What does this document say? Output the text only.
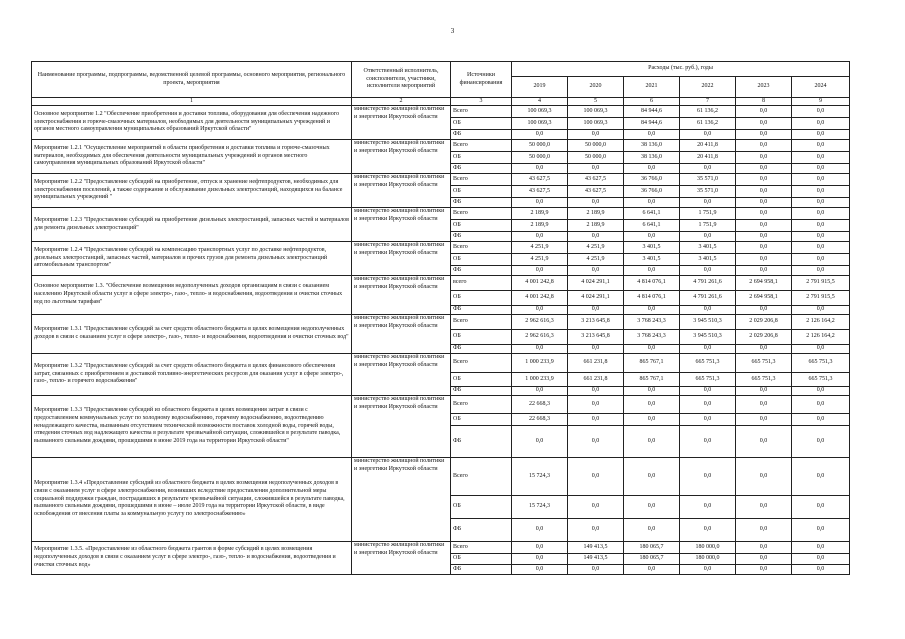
3
Наименование программы, подпрограммы, ведомственной целевой программы, основного мероприятия, регионального проекта, мероприятия	Ответственный исполнитель, соисполнители, участники, исполнители мероприятий	Источники финансирования	Расходы (тыс. руб.), годы					
			2019	2020	2021	2022	2023	2024
1	2	3	4	5	6	7	8	9
Основное мероприятие 1.2 "Обеспечение приобретения и доставки топлива, оборудования для обеспечения надежного электроснабжения и горюче-смазочных материалов, необходимых для деятельности муниципальных учреждений и органов местного самоуправления муниципальных образований Иркутской области"	министерство жилищной политики и энергетики Иркутской области	Всего	100 069,3	100 069,3	84 944,6	61 136,2	0,0	0,0
		ОБ	100 069,3	100 069,3	84 944,6	61 136,2	0,0	0,0
		ФБ	0,0	0,0	0,0	0,0	0,0	0,0
Мероприятие 1.2.1 "Осуществление мероприятий в области приобретения и доставки топлива и горюче-смазочных материалов, необходимых для обеспечения деятельности муниципальных учреждений и органов местного самоуправления муниципальных образований Иркутской области"	министерство жилищной политики и энергетики Иркутской области	Всего	50 000,0	50 000,0	38 136,0	20 411,8	0,0	0,0
		ОБ	50 000,0	50 000,0	38 136,0	20 411,8	0,0	0,0
		ФБ	0,0	0,0	0,0	0,0	0,0	0,0
Мероприятие 1.2.2 "Предоставление субсидий на приобретение, отпуск и хранение нефтепродуктов, необходимых для электроснабжения поселений, а также содержание и обслуживание дизельных электростанций, находящихся на балансе муниципальных учреждений "	министерство жилищной политики и энергетики Иркутской области	Всего	43 627,5	43 627,5	36 766,0	35 571,0	0,0	0,0
		ОБ	43 627,5	43 627,5	36 766,0	35 571,0	0,0	0,0
		ФБ	0,0	0,0	0,0	0,0	0,0	0,0
Мероприятие 1.2.3 "Предоставление субсидий на приобретение дизельных электростанций, запасных частей и материалов для ремонта дизельных электростанций"	министерство жилищной политики и энергетики Иркутской области	Всего	2 189,9	2 189,9	6 641,1	1 751,9	0,0	0,0
		ОБ	2 189,9	2 189,9	6 641,1	1 751,9	0,0	0,0
		ФБ	0,0	0,0	0,0	0,0	0,0	0,0
Мероприятие 1.2.4 "Предоставление субсидий на компенсацию транспортных услуг по доставке нефтепродуктов, дизельных электростанций, запасных частей, материалов и прочих грузов для ремонта дизельных электростанций автомобильным транспортом"	министерство жилищной политики и энергетики Иркутской области	Всего	4 251,9	4 251,9	3 401,5	3 401,5	0,0	0,0
		ОБ	4 251,9	4 251,9	3 401,5	3 401,5	0,0	0,0
		ФБ	0,0	0,0	0,0	0,0	0,0	0,0
Основное мероприятие 1.3. "Обеспечение возмещения недополученных доходов организациям в связи с оказанием населению Иркутской области услуг в сфере электро-, газо-, тепло- и водоснабжения, водоотведения и очистки сточных вод по льготным тарифам"	министерство жилищной политики и энергетики Иркутской области	всего	4 001 242,8	4 024 291,1	4 814 076,1	4 791 261,6	2 694 958,1	2 791 915,5
		ОБ	4 001 242,8	4 024 291,1	4 814 076,1	4 791 261,6	2 694 958,1	2 791 915,5
		ФБ	0,0	0,0	0,0	0,0	0,0	0,0
Мероприятие 1.3.1 "Предоставление субсидий за счет средств областного бюджета в целях возмещения недополученных доходов в связи с оказанием услуг в сфере электро-, газо-, тепло- и водоснабжения, водоотведения и очистки сточных вод"	министерство жилищной политики и энергетики Иркутской области	Всего	2 962 616,3	3 213 645,8	3 768 243,3	3 945 510,3	2 029 206,8	2 126 164,2
		ОБ	2 962 616,3	3 213 645,8	3 768 243,3	3 945 510,3	2 029 206,8	2 126 164,2
		ФБ	0,0	0,0	0,0	0,0	0,0	0,0
Мероприятие 1.3.2 "Предоставление субсидий за счет средств областного бюджета в целях финансового обеспечения затрат, связанных с приобретением и доставкой топливно-энергетических ресурсов для оказания услуг в сфере электро-, газо-, тепло- и горячего водоснабжения"	министерство жилищной политики и энергетики Иркутской области	Всего	1 000 233,9	661 231,8	865 767,1	665 751,3	665 751,3	665 751,3
		ОБ	1 000 233,9	661 231,8	865 767,1	665 751,3	665 751,3	665 751,3
		ФБ	0,0	0,0	0,0	0,0	0,0	0,0
Мероприятие 1.3.3 "Предоставление субсидий из областного бюджета в целях возмещения затрат в связи с предоставлением коммунальных услуг по холодному водоснабжению, горячему водоснабжению, водоотведению ненадлежащего качества, вызванным отсутствием технической возможности поставок холодной воды, горячей воды, отведения сточных вод надлежащего качества в результате чрезвычайной ситуации, сложившейся в результате паводка, вызванного сильными дождями, прошедшими в июне 2019 года на территории Иркутской области"	министерство жилищной политики и энергетики Иркутской области	Всего	22 668,3	0,0	0,0	0,0	0,0	0,0
		ОБ	22 668,3	0,0	0,0	0,0	0,0	0,0
		ФБ	0,0	0,0	0,0	0,0	0,0	0,0
Мероприятие 1.3.4 «Предоставление субсидий из областного бюджета в целях возмещения недополученных доходов в связи с оказанием услуг в сфере электроснабжения, возникших вследствие предоставления дополнительной меры социальной поддержки граждан, пострадавших в результате чрезвычайной ситуации, сложившейся в результате паводка, вызванного сильными дождями, прошедшими в июне – июле 2019 года на территории Иркутской области, в виде освобождения от внесения платы за коммунальную услугу по электроснабжению»	министерство жилищной политики и энергетики Иркутской области	Всего	15 724,3	0,0	0,0	0,0	0,0	0,0
		ОБ	15 724,3	0,0	0,0	0,0	0,0	0,0
		ФБ	0,0	0,0	0,0	0,0	0,0	0,0
Мероприятие 1.3.5. «Предоставление из областного бюджета грантов в форме субсидий в целях возмещения недополученных доходов в связи с оказанием услуг в сфере электро-, газо-, тепло- и водоснабжения, водоотведения и очистки сточных вод»	министерство жилищной политики и энергетики Иркутской области	Всего	0,0	149 413,5	180 065,7	180 000,0	0,0	0,0
		ОБ	0,0	149 413,5	180 065,7	180 000,0	0,0	0,0
		ФБ	0,0	0,0	0,0	0,0	0,0	0,0
